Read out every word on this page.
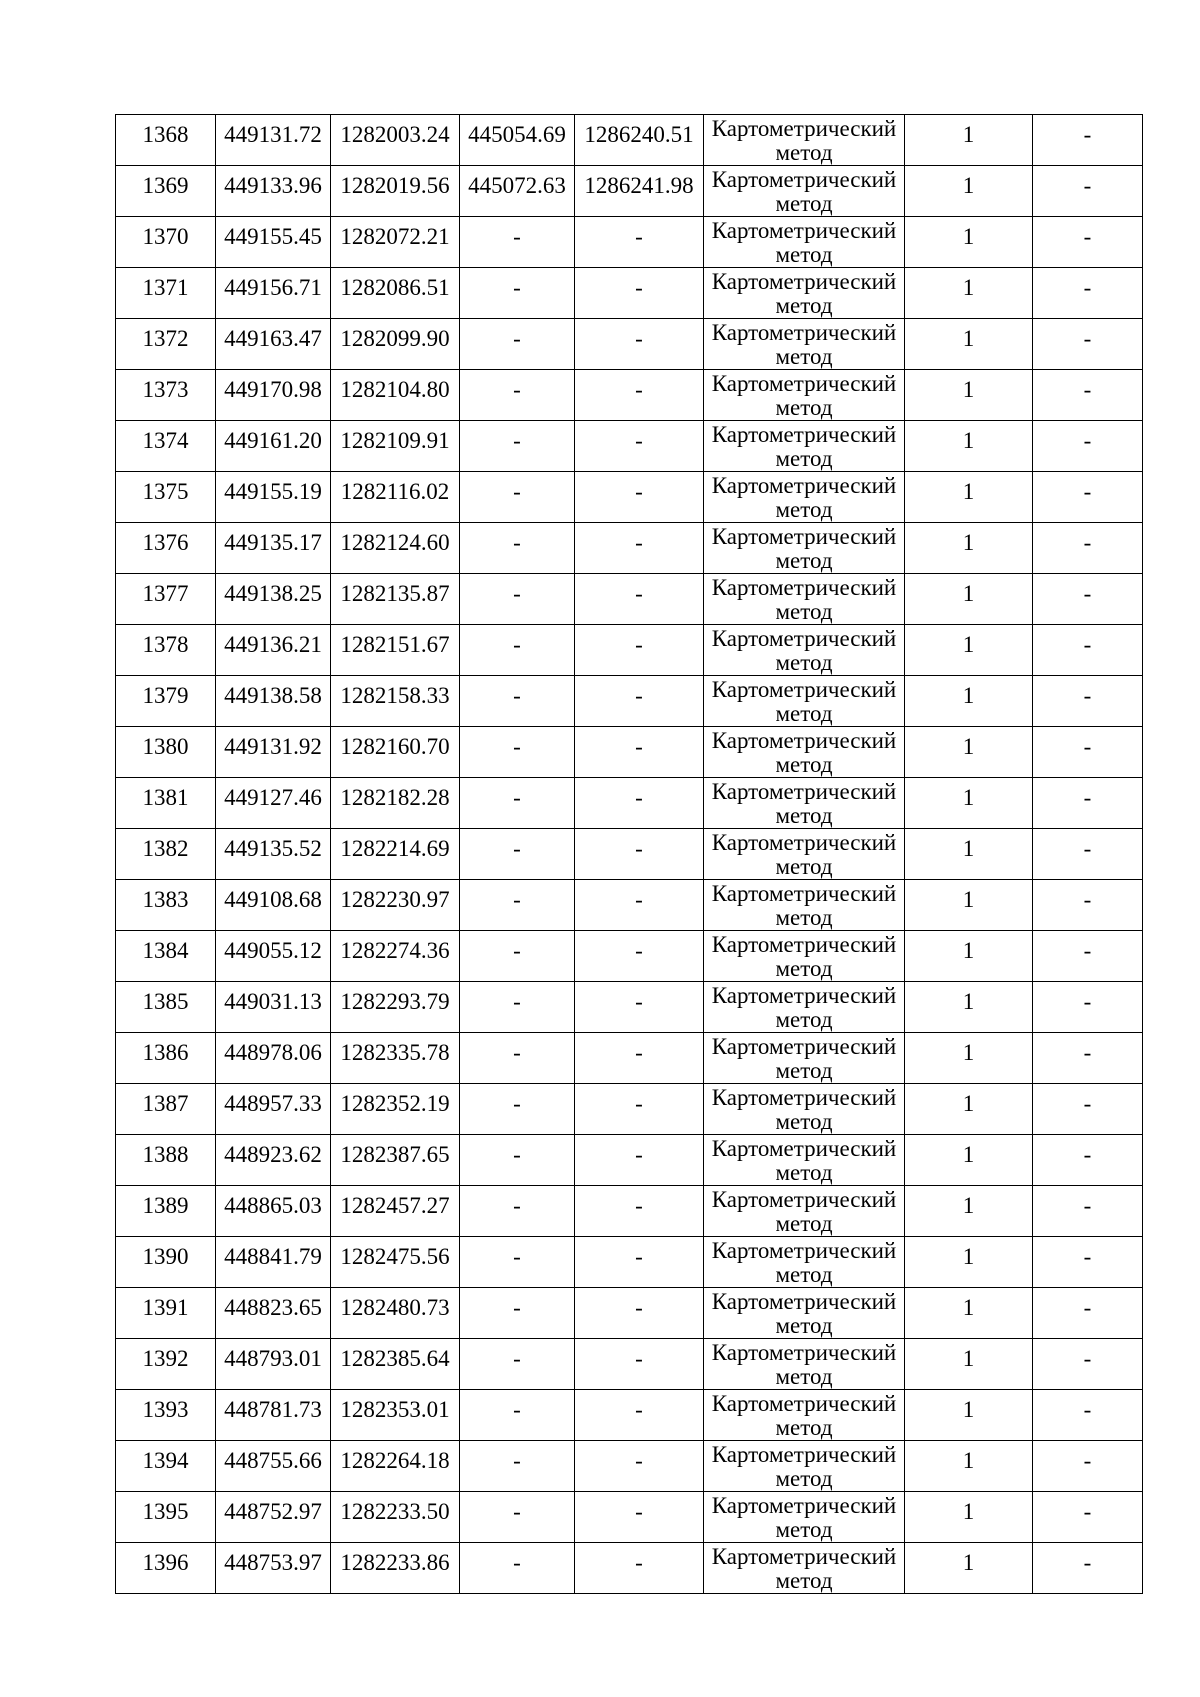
1368	449131.72	1282003.24	445054.69	1286240.51	Картометрический
метод	1	-

1369	449133.96	1282019.56	445072.63	1286241.98	Картометрический
метод	1	-

1370	449155.45	1282072.21	-	-	Картометрический
метод	1	-

1371	449156.71	1282086.51	-	-	Картометрический
метод	1	-

1372	449163.47	1282099.90	-	-	Картометрический
метод	1	-

1373	449170.98	1282104.80	-	-	Картометрический
метод	1	-

1374	449161.20	1282109.91	-	-	Картометрический
метод	1	-

1375	449155.19	1282116.02	-	-	Картометрический
метод	1	-

1376	449135.17	1282124.60	-	-	Картометрический
метод	1	-

1377	449138.25	1282135.87	-	-	Картометрический
метод	1	-

1378	449136.21	1282151.67	-	-	Картометрический
метод	1	-

1379	449138.58	1282158.33	-	-	Картометрический
метод	1	-

1380	449131.92	1282160.70	-	-	Картометрический
метод	1	-

1381	449127.46	1282182.28	-	-	Картометрический
метод	1	-

1382	449135.52	1282214.69	-	-	Картометрический
метод	1	-

1383	449108.68	1282230.97	-	-	Картометрический
метод	1	-

1384	449055.12	1282274.36	-	-	Картометрический
метод	1	-

1385	449031.13	1282293.79	-	-	Картометрический
метод	1	-

1386	448978.06	1282335.78	-	-	Картометрический
метод	1	-

1387	448957.33	1282352.19	-	-	Картометрический
метод	1	-

1388	448923.62	1282387.65	-	-	Картометрический
метод	1	-

1389	448865.03	1282457.27	-	-	Картометрический
метод	1	-

1390	448841.79	1282475.56	-	-	Картометрический
метод	1	-

1391	448823.65	1282480.73	-	-	Картометрический
метод	1	-

1392	448793.01	1282385.64	-	-	Картометрический
метод	1	-

1393	448781.73	1282353.01	-	-	Картометрический
метод	1	-

1394	448755.66	1282264.18	-	-	Картометрический
метод	1	-

1395	448752.97	1282233.50	-	-	Картометрический
метод	1	-

1396	448753.97	1282233.86	-	-	Картометрический
метод	1	-
